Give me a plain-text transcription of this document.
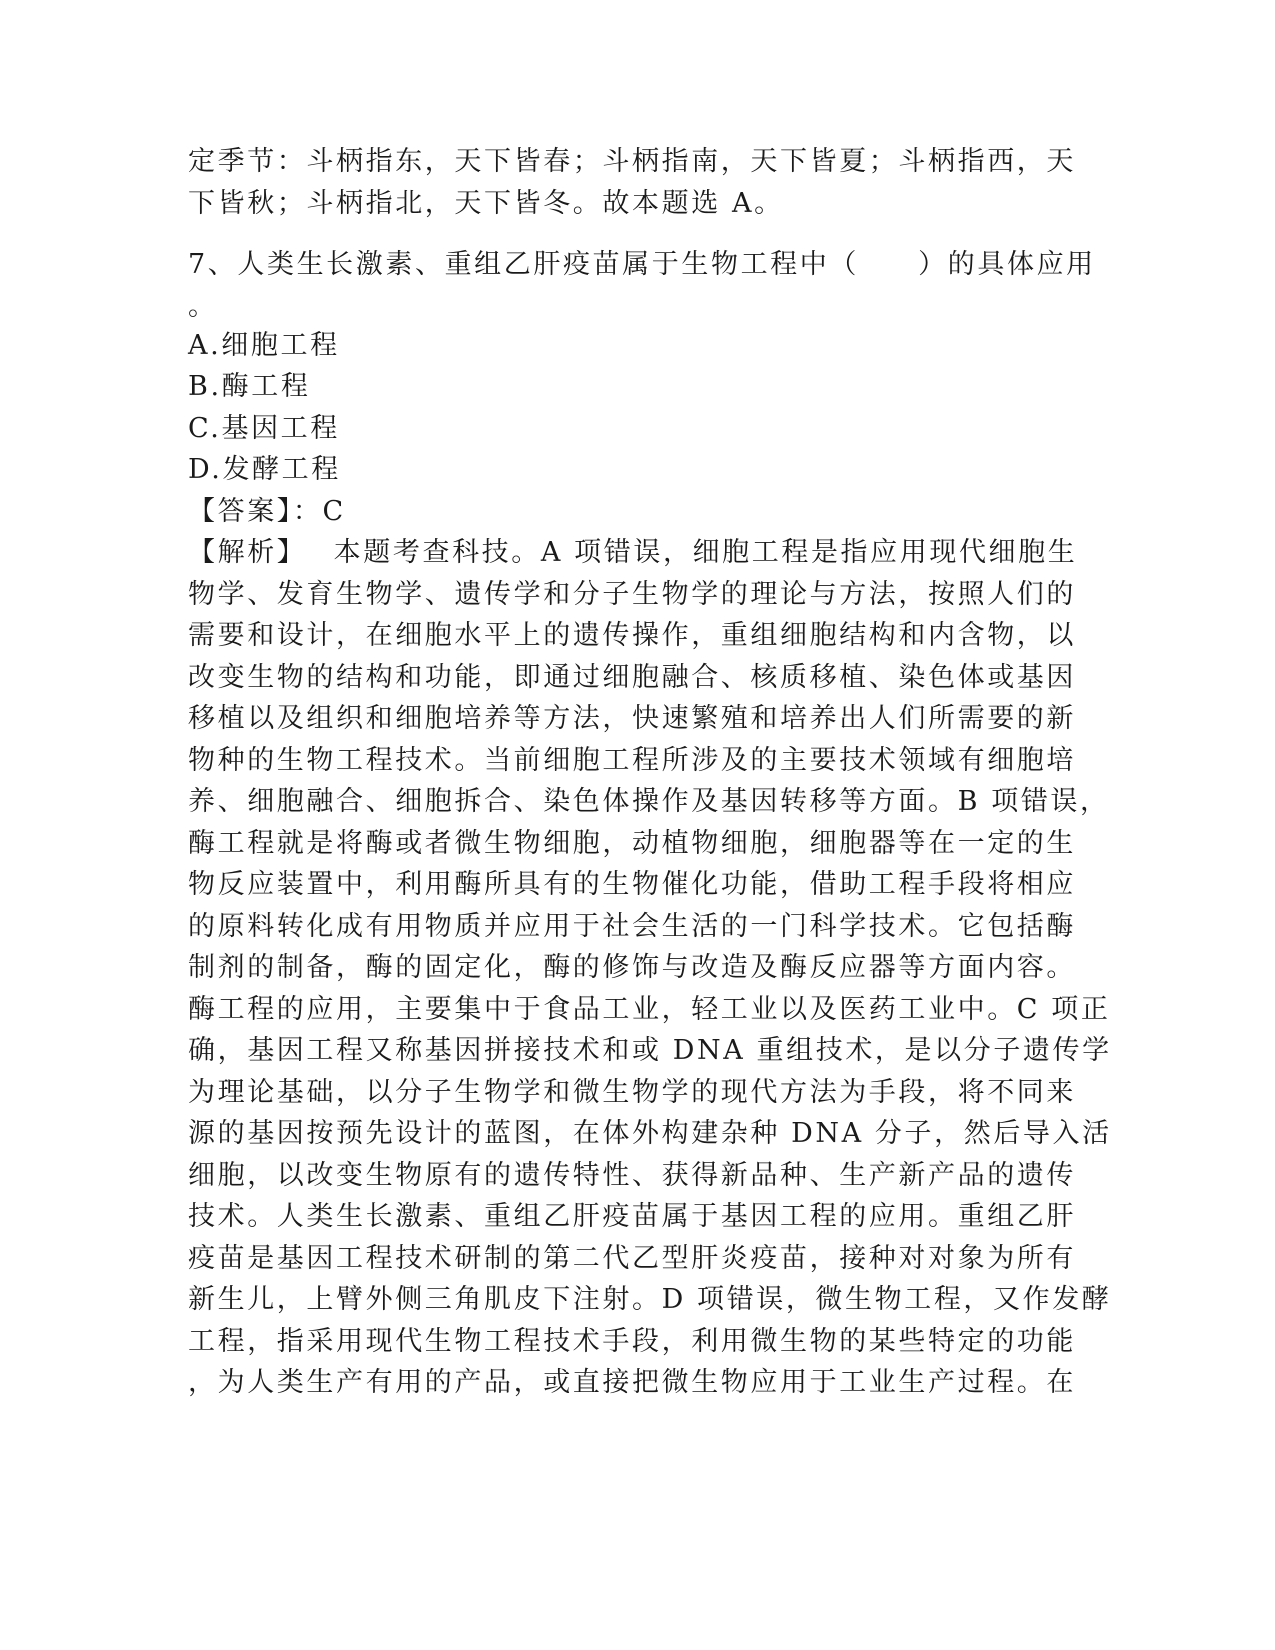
定季节：斗柄指东，天下皆春；斗柄指南，天下皆夏；斗柄指西，天
下皆秋；斗柄指北，天下皆冬。故本题选 A。
7、人类生长激素、重组乙肝疫苗属于生物工程中（　　）的具体应用
。
A.细胞工程
B.酶工程
C.基因工程
D.发酵工程
【答案】：C
【解析】　 本题考查科技。A 项错误，细胞工程是指应用现代细胞生
物学、发育生物学、遗传学和分子生物学的理论与方法，按照人们的
需要和设计，在细胞水平上的遗传操作，重组细胞结构和内含物，以
改变生物的结构和功能，即通过细胞融合、核质移植、染色体或基因
移植以及组织和细胞培养等方法，快速繁殖和培养出人们所需要的新
物种的生物工程技术。当前细胞工程所涉及的主要技术领域有细胞培
养、细胞融合、细胞拆合、染色体操作及基因转移等方面。B 项错误，
酶工程就是将酶或者微生物细胞，动植物细胞，细胞器等在一定的生
物反应装置中，利用酶所具有的生物催化功能，借助工程手段将相应
的原料转化成有用物质并应用于社会生活的一门科学技术。它包括酶
制剂的制备，酶的固定化，酶的修饰与改造及酶反应器等方面内容。
酶工程的应用，主要集中于食品工业，轻工业以及医药工业中。C 项正
确，基因工程又称基因拼接技术和或 DNA 重组技术，是以分子遗传学
为理论基础，以分子生物学和微生物学的现代方法为手段，将不同来
源的基因按预先设计的蓝图，在体外构建杂种 DNA 分子，然后导入活
细胞，以改变生物原有的遗传特性、获得新品种、生产新产品的遗传
技术。人类生长激素、重组乙肝疫苗属于基因工程的应用。重组乙肝
疫苗是基因工程技术研制的第二代乙型肝炎疫苗，接种对对象为所有
新生儿，上臂外侧三角肌皮下注射。D 项错误，微生物工程，又作发酵
工程，指采用现代生物工程技术手段，利用微生物的某些特定的功能
，为人类生产有用的产品，或直接把微生物应用于工业生产过程。在
